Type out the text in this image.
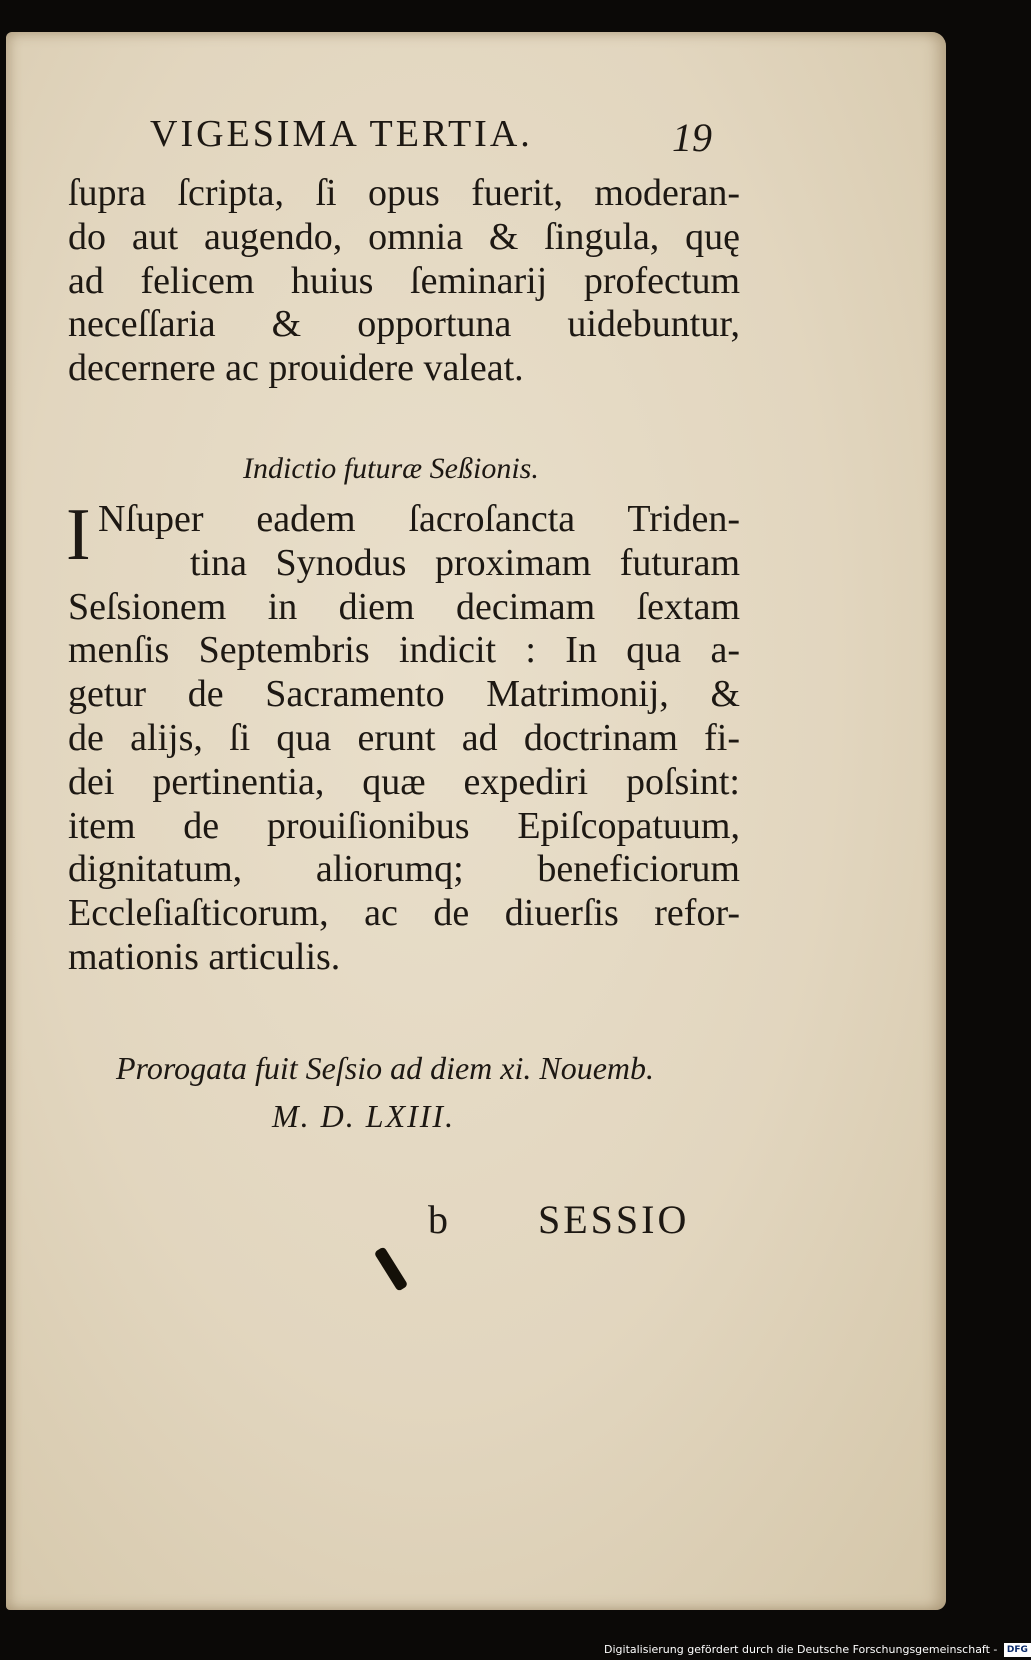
VIGESIMA TERTIA.	19
ſupra ſcripta, ſi opus fuerit, moderan-
do aut augendo, omnia & ſingula, quę
ad felicem huius ſeminarij profectum
neceſſaria & opportuna uidebuntur,
decernere ac prouidere valeat.
Indictio futuræ Seßionis.
I Nſuper eadem ſacroſancta Triden-
tina Synodus proximam futuram
Seſsionem in diem decimam ſextam
menſis Septembris indicit : In qua a-
getur de Sacramento Matrimonij, &
de alijs, ſi qua erunt ad doctrinam fi-
dei pertinentia, quæ expediri poſsint:
item de prouiſionibus Epiſcopatuum,
dignitatum, aliorumq; beneficiorum
Eccleſiaſticorum, ac de diuerſis refor-
mationis articulis.
Prorogata fuit Seſsio ad diem xi. Nouemb.
M. D. LXIII.
b SESSIO
Digitalisierung gefördert durch die Deutsche Forschungsgemeinschaft - DFG
